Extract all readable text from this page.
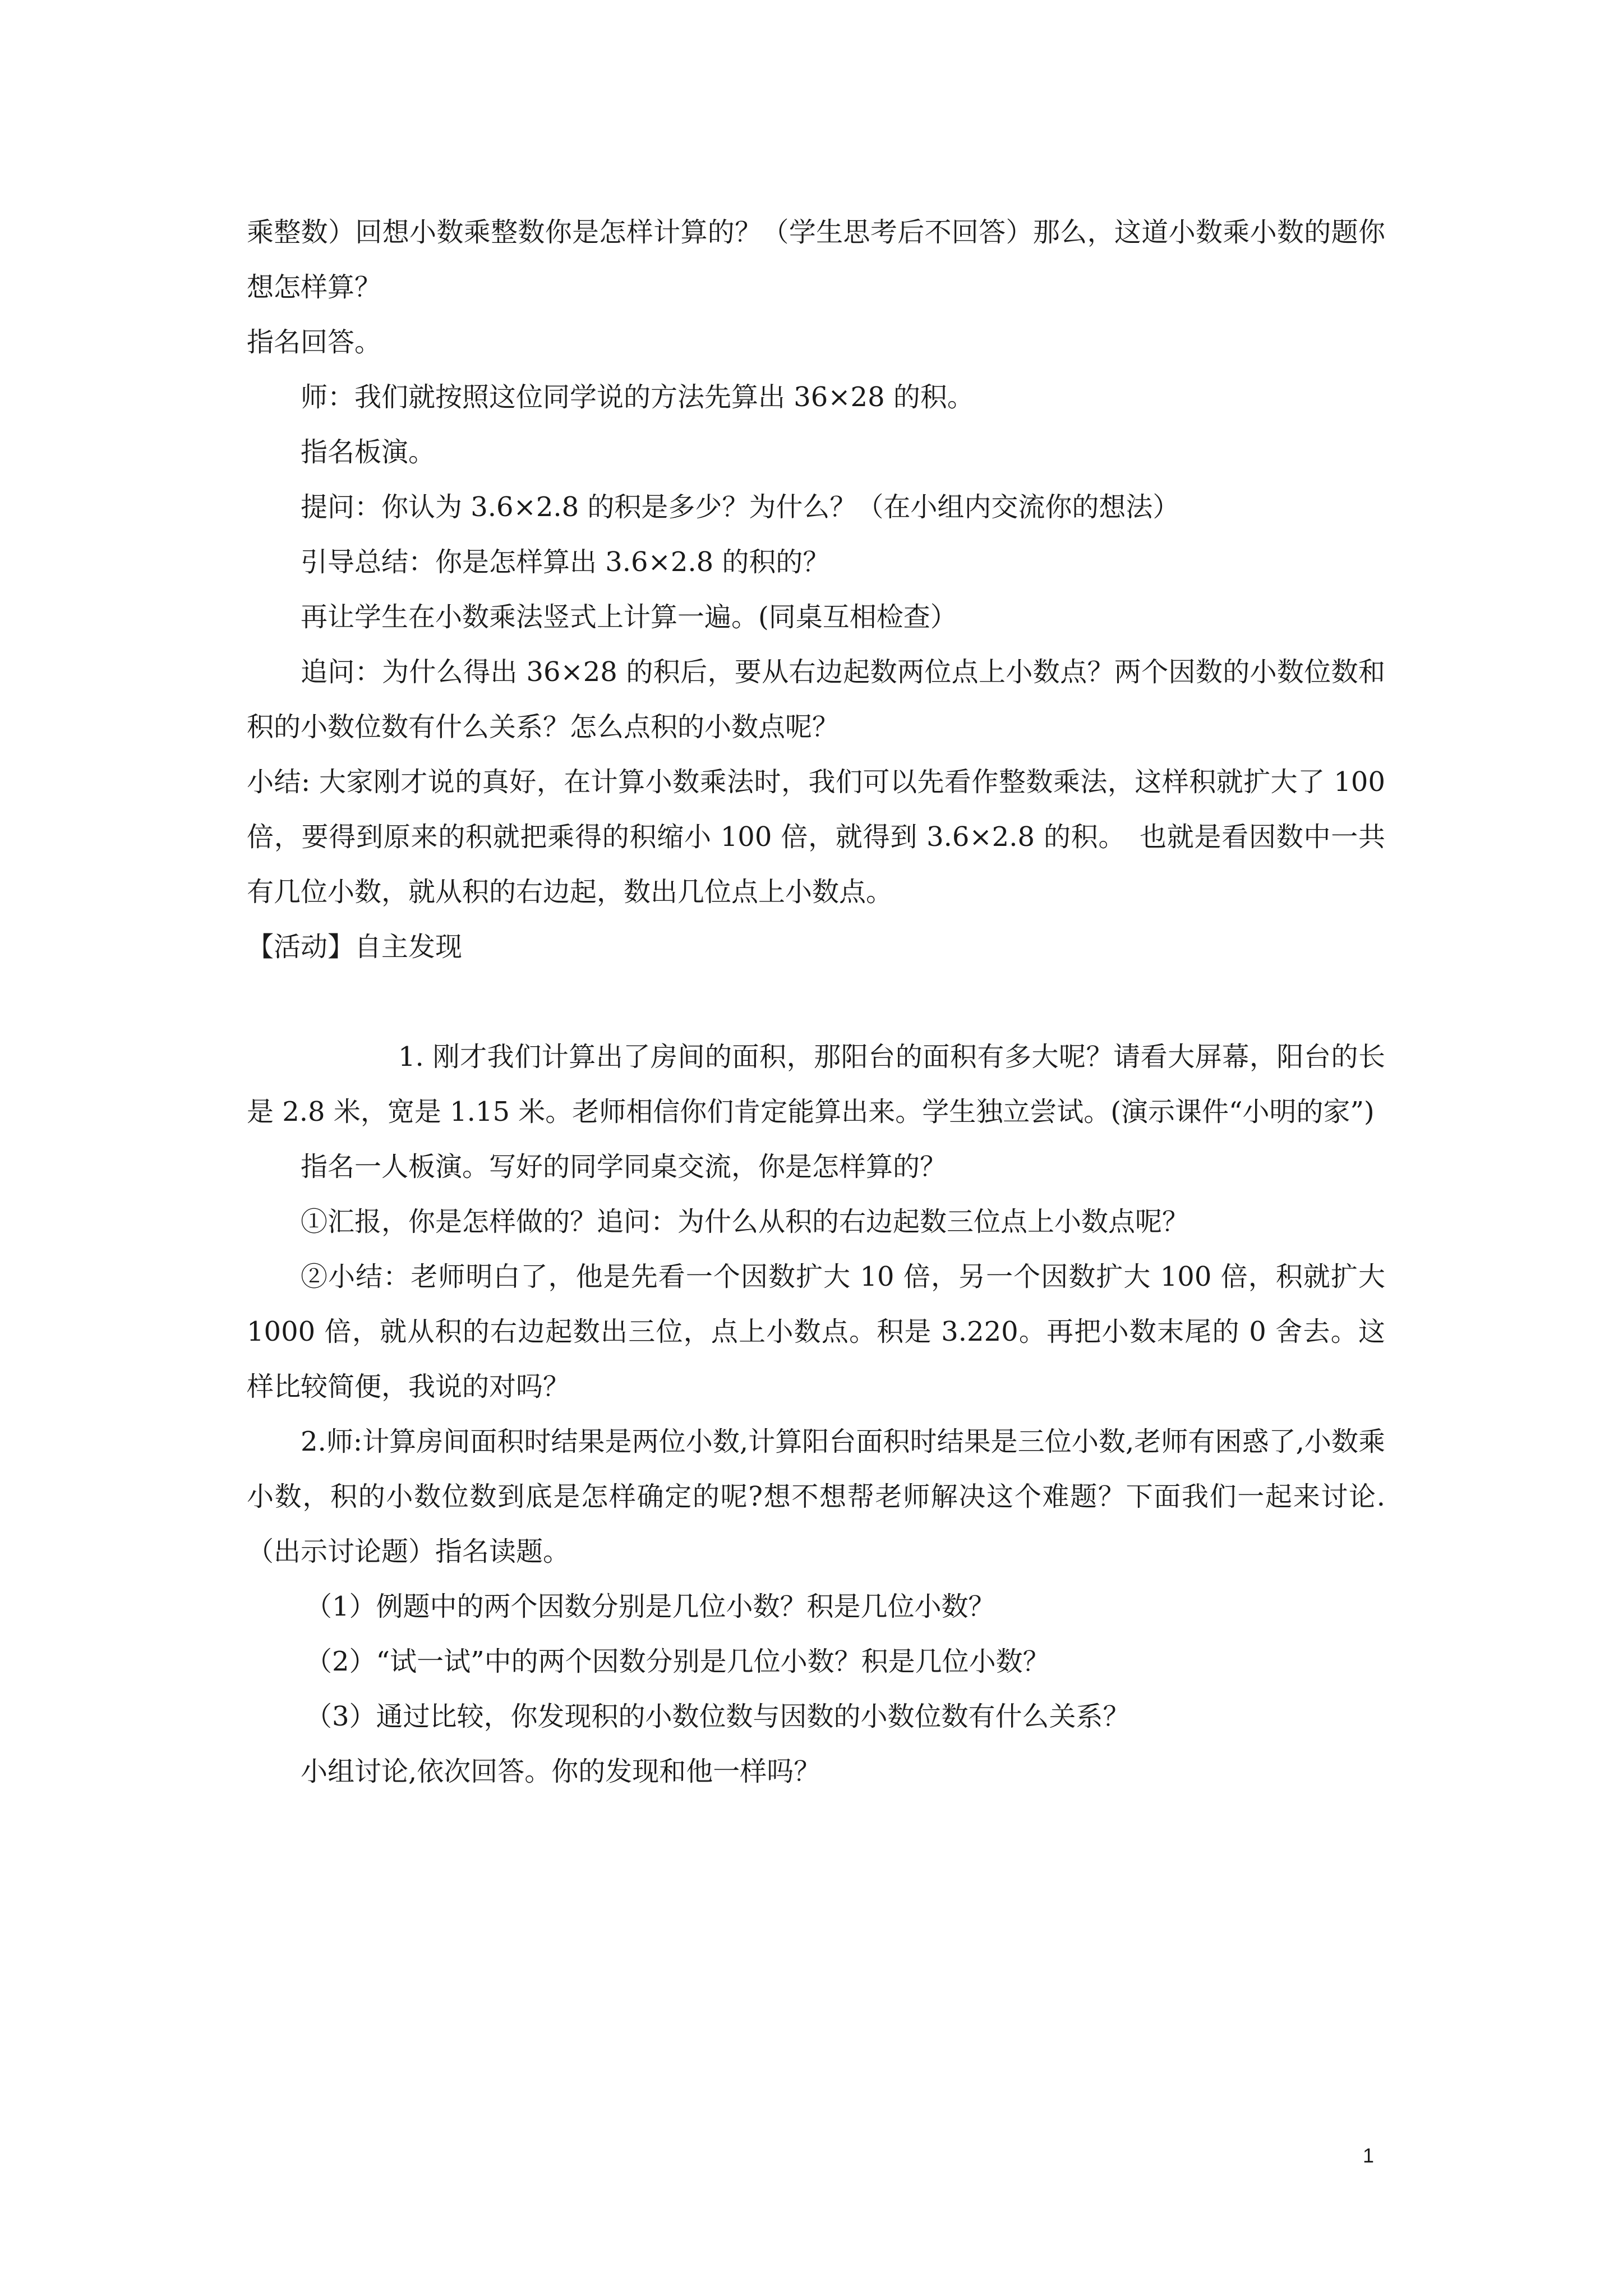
乘整数）回想小数乘整数你是怎样计算的？（学生思考后不回答）那么，这道小数乘小数的题你想怎样算？

指名回答。

师：我们就按照这位同学说的方法先算出 36×28 的积。

指名板演。

提问：你认为 3.6×2.8 的积是多少？为什么？（在小组内交流你的想法）

引导总结：你是怎样算出 3.6×2.8 的积的？

再让学生在小数乘法竖式上计算一遍。(同桌互相检查）

追问：为什么得出 36×28 的积后，要从右边起数两位点上小数点？两个因数的小数位数和积的小数位数有什么关系？怎么点积的小数点呢？

小结: 大家刚才说的真好，在计算小数乘法时，我们可以先看作整数乘法，这样积就扩大了 100 倍，要得到原来的积就把乘得的积缩小 100 倍，就得到 3.6×2.8 的积。　也就是看因数中一共有几位小数，就从积的右边起，数出几位点上小数点。

【活动】自主发现

1. 刚才我们计算出了房间的面积，那阳台的面积有多大呢？请看大屏幕，阳台的长是 2.8 米，宽是 1.15 米。老师相信你们肯定能算出来。学生独立尝试。(演示课件“小明的家”)

指名一人板演。写好的同学同桌交流，你是怎样算的？

①汇报，你是怎样做的？追问：为什么从积的右边起数三位点上小数点呢？

②小结：老师明白了，他是先看一个因数扩大 10 倍，另一个因数扩大 100 倍，积就扩大 1000 倍，就从积的右边起数出三位，点上小数点。积是 3.220。再把小数末尾的 0 舍去。这样比较简便，我说的对吗？

2.师:计算房间面积时结果是两位小数,计算阳台面积时结果是三位小数,老师有困惑了,小数乘小数，积的小数位数到底是怎样确定的呢?想不想帮老师解决这个难题？下面我们一起来讨论.（出示讨论题）指名读题。

（1）例题中的两个因数分别是几位小数？积是几位小数？

（2）“试一试”中的两个因数分别是几位小数？积是几位小数？

（3）通过比较，你发现积的小数位数与因数的小数位数有什么关系？

小组讨论,依次回答。你的发现和他一样吗？

1
